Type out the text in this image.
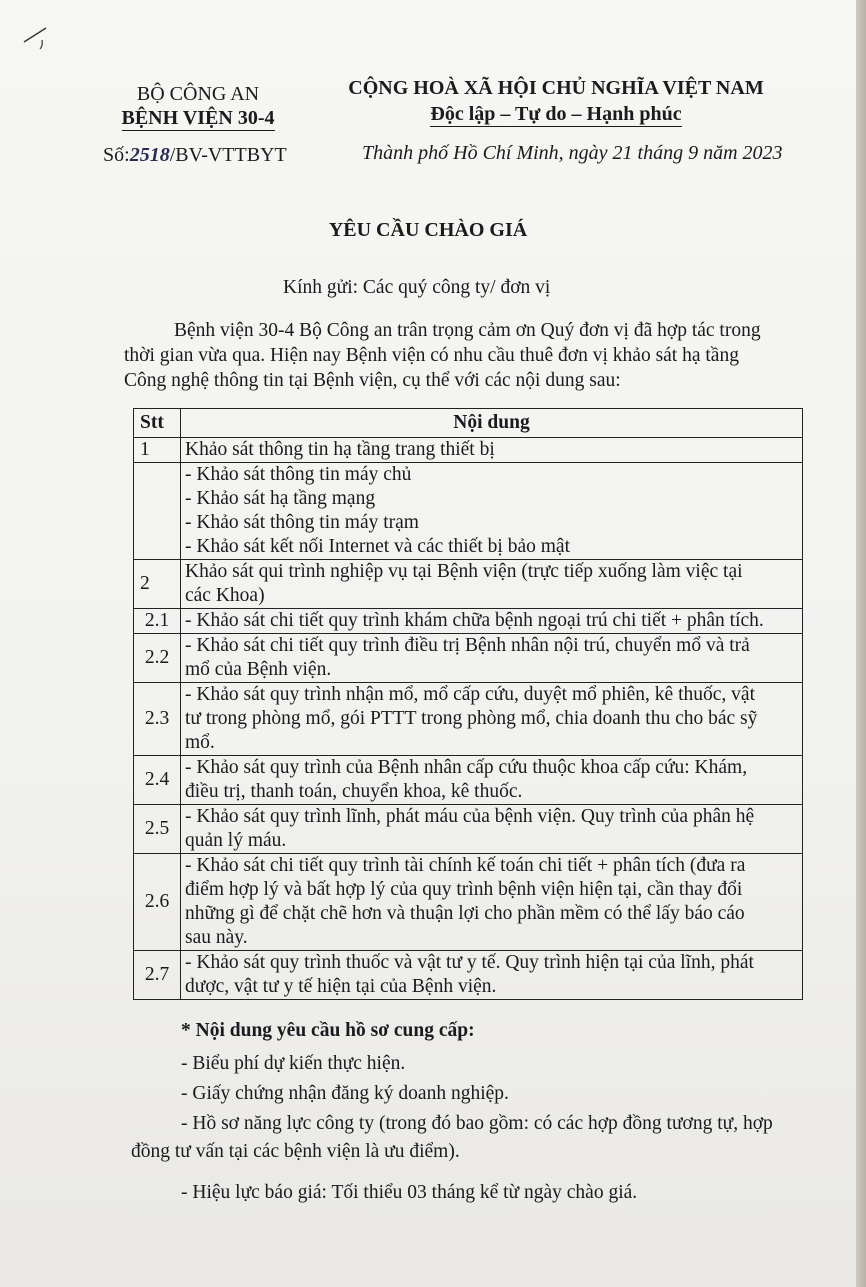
BỘ CÔNG AN
BỆNH VIỆN 30-4
Số:2518/BV-VTTBYT
CỘNG HOÀ XÃ HỘI CHỦ NGHĨA VIỆT NAM
Độc lập – Tự do – Hạnh phúc
Thành phố Hồ Chí Minh, ngày 21 tháng 9 năm 2023
YÊU CẦU CHÀO GIÁ
Kính gửi: Các quý công ty/ đơn vị
Bệnh viện 30-4 Bộ Công an trân trọng cảm ơn Quý đơn vị đã hợp tác trong
thời gian vừa qua. Hiện nay Bệnh viện có nhu cầu thuê đơn vị khảo sát hạ tầng
Công nghệ thông tin tại Bệnh viện, cụ thể với các nội dung sau:
Stt	Nội dung
1	Khảo sát thông tin hạ tầng trang thiết bị

	- Khảo sát thông tin máy chủ
- Khảo sát hạ tầng mạng
- Khảo sát thông tin máy trạm
- Khảo sát kết nối Internet và các thiết bị bảo mật

2	Khảo sát qui trình nghiệp vụ tại Bệnh viện (trực tiếp xuống làm việc tại
các Khoa)

2.1	- Khảo sát chi tiết quy trình khám chữa bệnh ngoại trú chi tiết + phân tích.

2.2	- Khảo sát chi tiết quy trình điều trị Bệnh nhân nội trú, chuyển mổ và trả
mổ của Bệnh viện.

2.3	- Khảo sát quy trình nhận mổ, mổ cấp cứu, duyệt mổ phiên, kê thuốc, vật
tư trong phòng mổ, gói PTTT trong phòng mổ, chia doanh thu cho bác sỹ
mổ.

2.4	- Khảo sát quy trình của Bệnh nhân cấp cứu thuộc khoa cấp cứu: Khám,
điều trị, thanh toán, chuyển khoa, kê thuốc.

2.5	- Khảo sát quy trình lĩnh, phát máu của bệnh viện. Quy trình của phân hệ
quản lý máu.

2.6	- Khảo sát chi tiết quy trình tài chính kế toán chi tiết + phân tích (đưa ra
điểm hợp lý và bất hợp lý của quy trình bệnh viện hiện tại, cần thay đổi
những gì để chặt chẽ hơn và thuận lợi cho phần mềm có thể lấy báo cáo
sau này.

2.7	- Khảo sát quy trình thuốc và vật tư y tế. Quy trình hiện tại của lĩnh, phát
dược, vật tư y tế hiện tại của Bệnh viện.
* Nội dung yêu cầu hồ sơ cung cấp:
- Biểu phí dự kiến thực hiện.
- Giấy chứng nhận đăng ký doanh nghiệp.
- Hồ sơ năng lực công ty (trong đó bao gồm: có các hợp đồng tương tự, hợp
đồng tư vấn tại các bệnh viện là ưu điểm).
- Hiệu lực báo giá: Tối thiểu 03 tháng kể từ ngày chào giá.
